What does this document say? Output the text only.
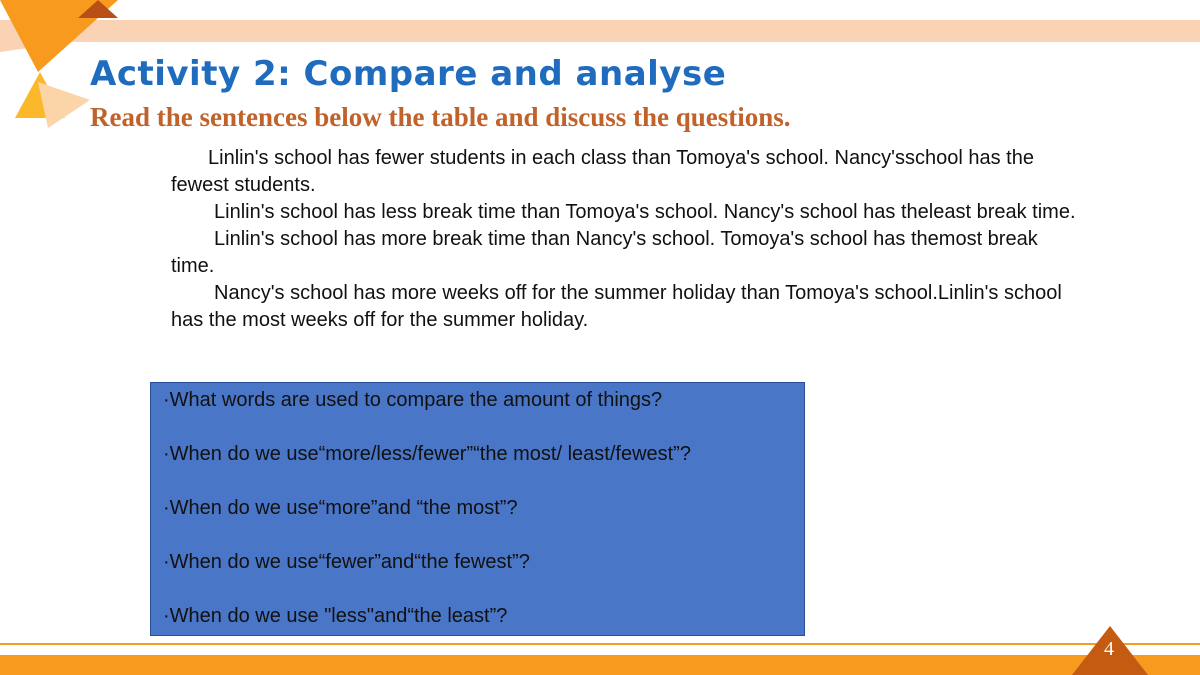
Activity 2: Compare and analyse
Read the sentences below the table and discuss the questions.

Linlin's school has fewer students in each class than Tomoya's school. Nancy'sschool has the fewest students.

Linlin's school has less break time than Tomoya's school. Nancy's school has theleast break time.

Linlin's school has more break time than Nancy's school. Tomoya's school has themost break time.

Nancy's school has more weeks off for the summer holiday than Tomoya's school.Linlin's school has the most weeks off for the summer holiday.

·What words are used to compare the amount of things?

·When do we use“more/less/fewer”“the most/ least/fewest”?

·When do we use“more”and “the most”?

·When do we use“fewer”and“the fewest”?

·When do we use "less"and“the least”?

4
